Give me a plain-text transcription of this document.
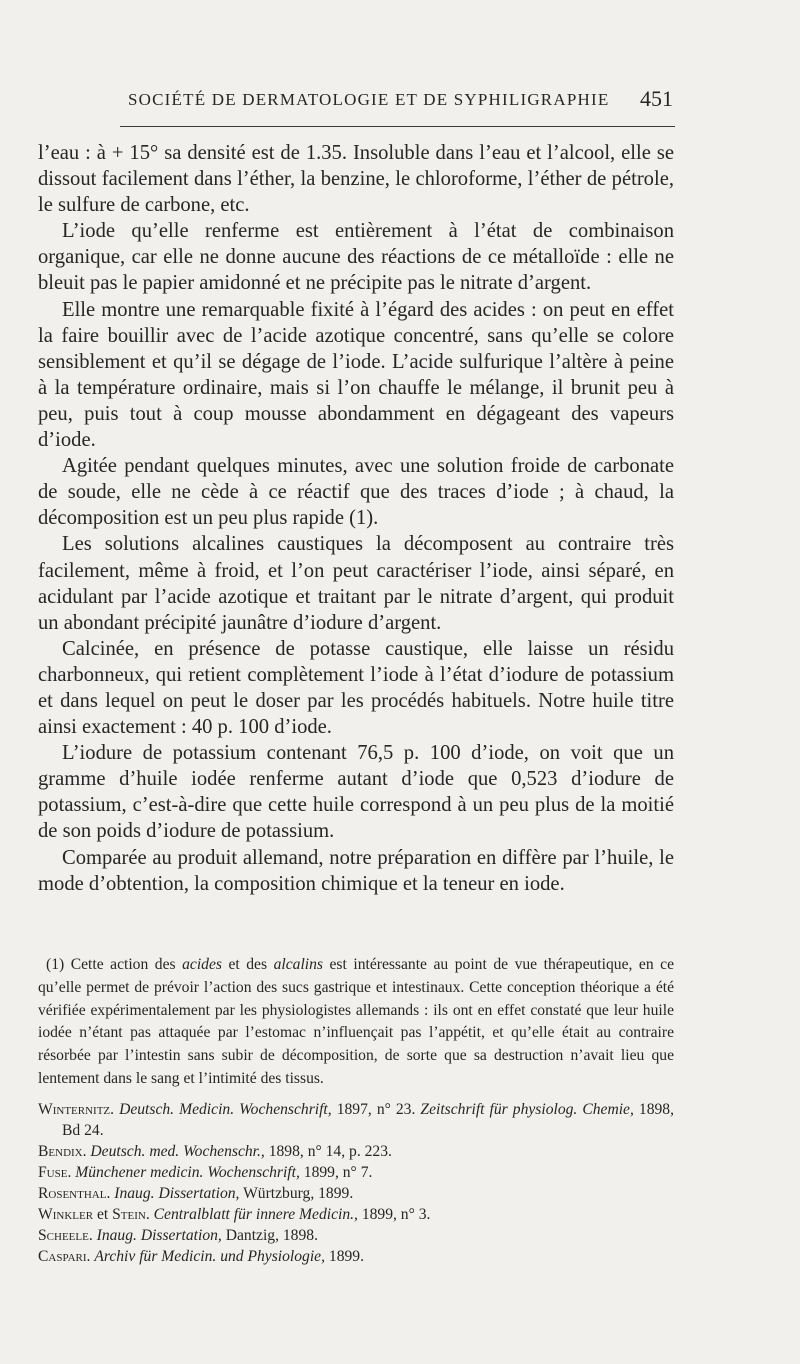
SOCIÉTÉ DE DERMATOLOGIE ET DE SYPHILIGRAPHIE 451

l’eau : à + 15° sa densité est de 1.35. Insoluble dans l’eau et l’alcool, elle se dissout facilement dans l’éther, la benzine, le chloroforme, l’éther de pétrole, le sulfure de carbone, etc.

L’iode qu’elle renferme est entièrement à l’état de combinaison organique, car elle ne donne aucune des réactions de ce métalloïde : elle ne bleuit pas le papier amidonné et ne précipite pas le nitrate d’argent.

Elle montre une remarquable fixité à l’égard des acides : on peut en effet la faire bouillir avec de l’acide azotique concentré, sans qu’elle se colore sensiblement et qu’il se dégage de l’iode. L’acide sulfurique l’altère à peine à la température ordinaire, mais si l’on chauffe le mélange, il brunit peu à peu, puis tout à coup mousse abondamment en dégageant des vapeurs d’iode.

Agitée pendant quelques minutes, avec une solution froide de carbonate de soude, elle ne cède à ce réactif que des traces d’iode ; à chaud, la décomposition est un peu plus rapide (1).

Les solutions alcalines caustiques la décomposent au contraire très facilement, même à froid, et l’on peut caractériser l’iode, ainsi séparé, en acidulant par l’acide azotique et traitant par le nitrate d’argent, qui produit un abondant précipité jaunâtre d’iodure d’argent.

Calcinée, en présence de potasse caustique, elle laisse un résidu charbonneux, qui retient complètement l’iode à l’état d’iodure de potassium et dans lequel on peut le doser par les procédés habituels. Notre huile titre ainsi exactement : 40 p. 100 d’iode.

L’iodure de potassium contenant 76,5 p. 100 d’iode, on voit que un gramme d’huile iodée renferme autant d’iode que 0,523 d’iodure de potassium, c’est-à-dire que cette huile correspond à un peu plus de la moitié de son poids d’iodure de potassium.

Comparée au produit allemand, notre préparation en diffère par l’huile, le mode d’obtention, la composition chimique et la teneur en iode.

(1) Cette action des acides et des alcalins est intéressante au point de vue thérapeutique, en ce qu’elle permet de prévoir l’action des sucs gastrique et intestinaux. Cette conception théorique a été vérifiée expérimentalement par les physiologistes allemands : ils ont en effet constaté que leur huile iodée n’étant pas attaquée par l’estomac n’influençait pas l’appétit, et qu’elle était au contraire résorbée par l’intestin sans subir de décomposition, de sorte que sa destruction n’avait lieu que lentement dans le sang et l’intimité des tissus.

Winternitz. Deutsch. Medicin. Wochenschrift, 1897, n° 23. Zeitschrift für physiolog. Chemie, 1898, Bd 24.

Bendix. Deutsch. med. Wochenschr., 1898, n° 14, p. 223.

Fuse. Münchener medicin. Wochenschrift, 1899, n° 7.

Rosenthal. Inaug. Dissertation, Würtzburg, 1899.

Winkler et Stein. Centralblatt für innere Medicin., 1899, n° 3.

Scheele. Inaug. Dissertation, Dantzig, 1898.

Caspari. Archiv für Medicin. und Physiologie, 1899.
